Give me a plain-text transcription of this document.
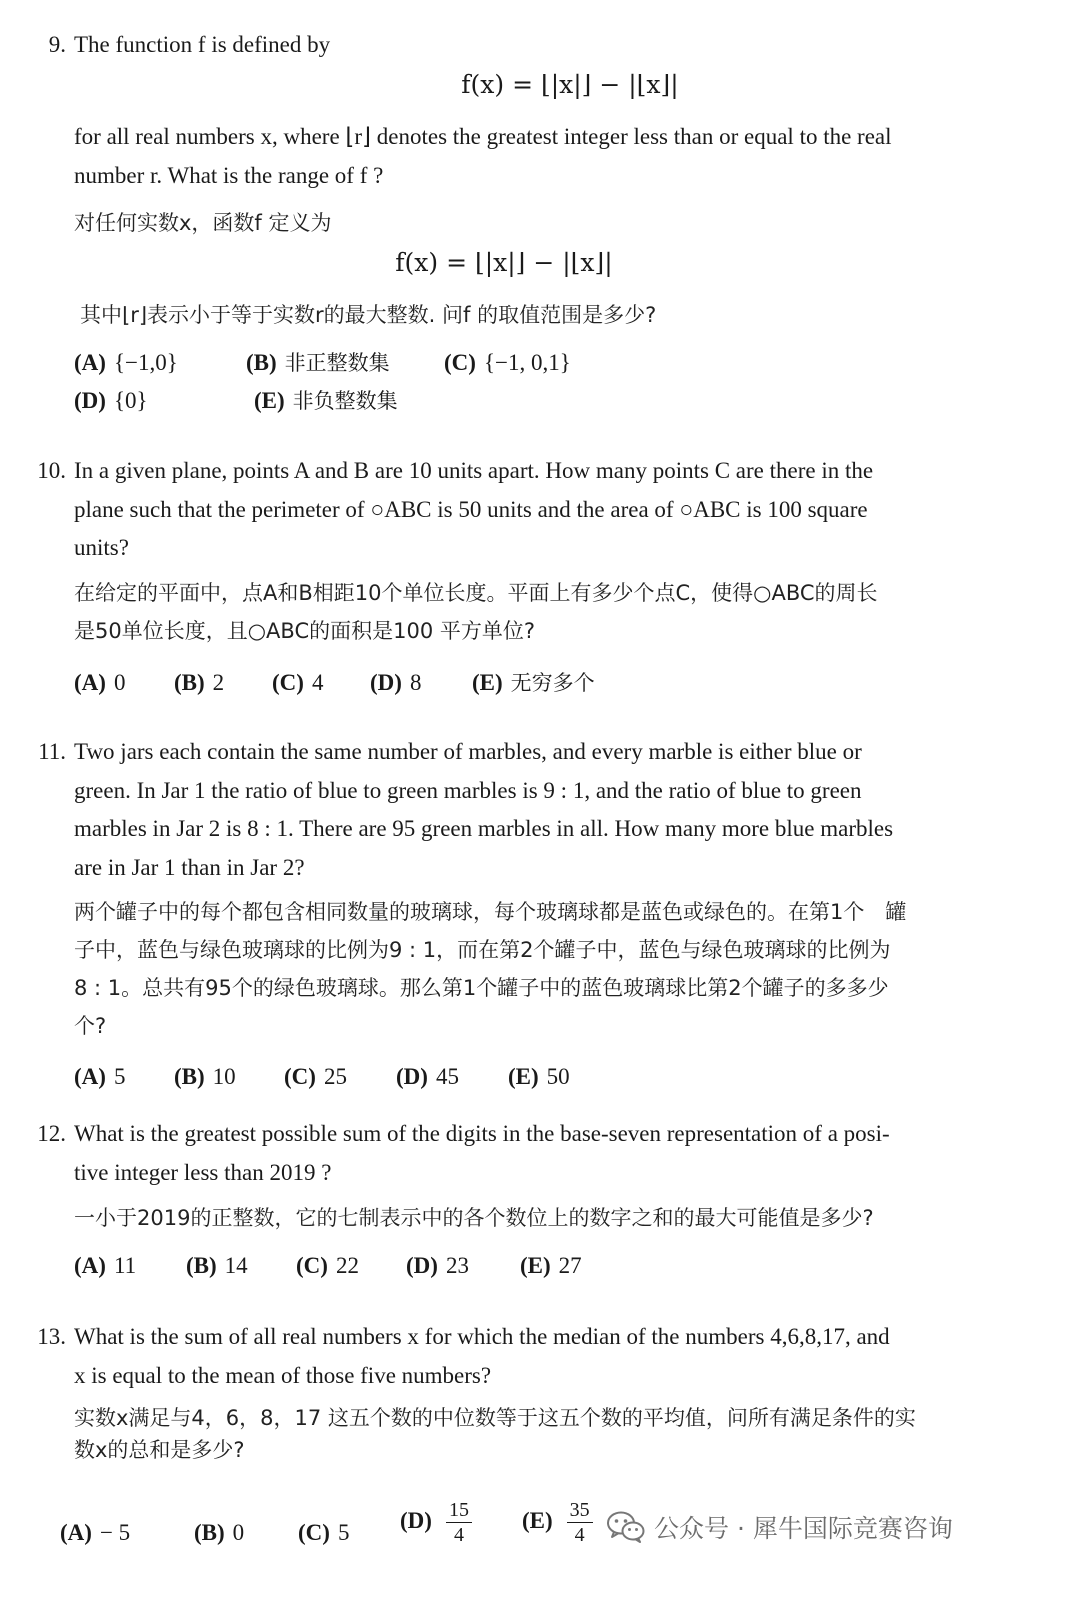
9. The function f is defined by
f(x) = ⌊|x|⌋ − |⌊x⌋|
for all real numbers x, where ⌊r⌋ denotes the greatest integer less than or equal to the real
number r. What is the range of f ?
对任何实数x，函数f 定义为
f(x) = ⌊|x|⌋ − |⌊x⌋|
其中⌊r⌋表示小于等于实数r的最大整数. 问f 的取值范围是多少?
(A) {−1,0}	(B) 非正整数集 (C) {−1, 0,1}
(D) {0}	(E) 非负整数集
10. In a given plane, points A and B are 10 units apart. How many points C are there in the
plane such that the perimeter of ○ABC is 50 units and the area of ○ABC is 100 square
units?
在给定的平面中，点A和B相距10个单位长度。平面上有多少个点C，使得○ABC的周长
是50单位长度，且○ABC的面积是100 平方单位?
(A) 0 (B) 2 (C) 4 (D) 8 (E) 无穷多个
11. Two jars each contain the same number of marbles, and every marble is either blue or
green. In Jar 1 the ratio of blue to green marbles is 9 : 1, and the ratio of blue to green
marbles in Jar 2 is 8 : 1. There are 95 green marbles in all. How many more blue marbles
are in Jar 1 than in Jar 2?
两个罐子中的每个都包含相同数量的玻璃球，每个玻璃球都是蓝色或绿色的。在第1个　罐
子中，蓝色与绿色玻璃球的比例为9 : 1，而在第2个罐子中，蓝色与绿色玻璃球的比例为
8 : 1。总共有95个的绿色玻璃球。那么第1个罐子中的蓝色玻璃球比第2个罐子的多多少
个?
(A) 5 (B) 10 (C) 25 (D) 45 (E) 50
12. What is the greatest possible sum of the digits in the base-seven representation of a posi-
tive integer less than 2019 ?
一小于2019的正整数，它的七制表示中的各个数位上的数字之和的最大可能值是多少?
(A) 11 (B) 14 (C) 22 (D) 23 (E) 27
13. What is the sum of all real numbers x for which the median of the numbers 4,6,8,17, and
x is equal to the mean of those five numbers?
实数x满足与4，6，8，17 这五个数的中位数等于这五个数的平均值，问所有满足条件的实
数x的总和是多少?
(A) − 5	(B) 0 (C) 5 $(D) \frac{15}{4} (E) \frac{35}{4}$ 公众号 · 犀牛国际竞赛咨询
